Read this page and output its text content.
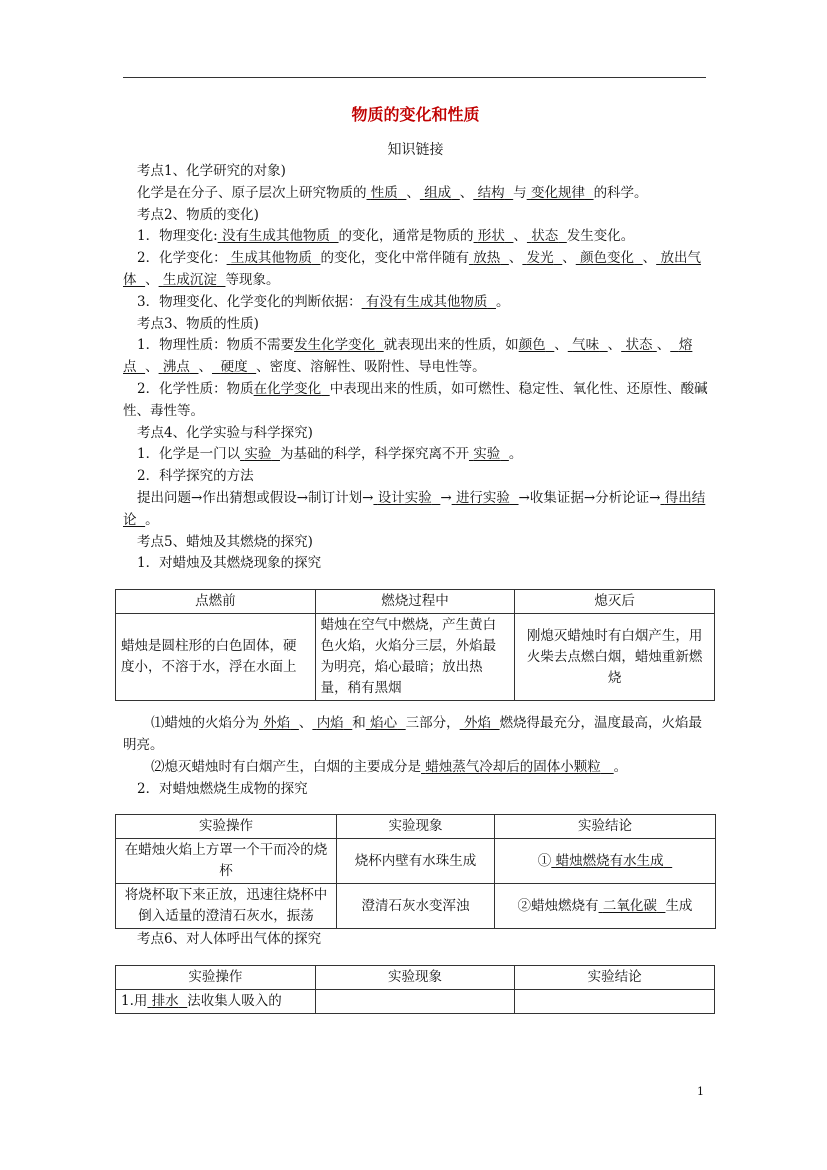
物质的变化和性质
知识链接

考点1、化学研究的对象)

化学是在分子、原子层次上研究物质的 性质 、 组成 、 结构 与 变化规律 的科学。

考点2、物质的变化)

1．物理变化: 没有生成其他物质 的变化，通常是物质的 形状 、 状态 发生变化。

2．化学变化： 生成其他物质 的变化，变化中常伴随有 放热 、 发光 、 颜色变化 、 放出气体 、 生成沉淀 等现象。

3．物理变化、化学变化的判断依据： 有没有生成其他物质 。

考点3、物质的性质)

1．物理性质：物质不需要发生化学变化 就表现出来的性质，如颜色 、 气味 、 状态 、 熔点 、 沸点 、 硬度 、密度、溶解性、吸附性、导电性等。

2．化学性质：物质在化学变化 中表现出来的性质，如可燃性、稳定性、氧化性、还原性、酸碱性、毒性等。

考点4、化学实验与科学探究)

1．化学是一门以 实验 为基础的科学，科学探究离不开 实验 。

2．科学探究的方法

提出问题→作出猜想或假设→制订计划→ 设计实验 → 进行实验 →收集证据→分析论证→ 得出结论 。

考点5、蜡烛及其燃烧的探究)

1．对蜡烛及其燃烧现象的探究

点燃前	燃烧过程中	熄灭后
蜡烛是圆柱形的白色固体，硬度小，不溶于水，浮在水面上	蜡烛在空气中燃烧，产生黄白色火焰，火焰分三层，外焰最为明亮，焰心最暗；放出热量，稍有黑烟	刚熄灭蜡烛时有白烟产生，用火柴去点燃白烟，蜡烛重新燃烧

⑴蜡烛的火焰分为 外焰 、 内焰 和 焰心 三部分， 外焰 燃烧得最充分，温度最高，火焰最明亮。

⑵熄灭蜡烛时有白烟产生，白烟的主要成分是 蜡烛蒸气冷却后的固体小颗粒 。

2．对蜡烛燃烧生成物的探究

实验操作	实验现象	实验结论
在蜡烛火焰上方罩一个干而冷的烧杯	烧杯内壁有水珠生成	① 蜡烛燃烧有水生成
将烧杯取下来正放，迅速往烧杯中倒入适量的澄清石灰水，振荡	澄清石灰水变浑浊	②蜡烛燃烧有 二氧化碳 生成

考点6、对人体呼出气体的探究

实验操作	实验现象	实验结论
1.用 排水 法收集人吸入的		
1
